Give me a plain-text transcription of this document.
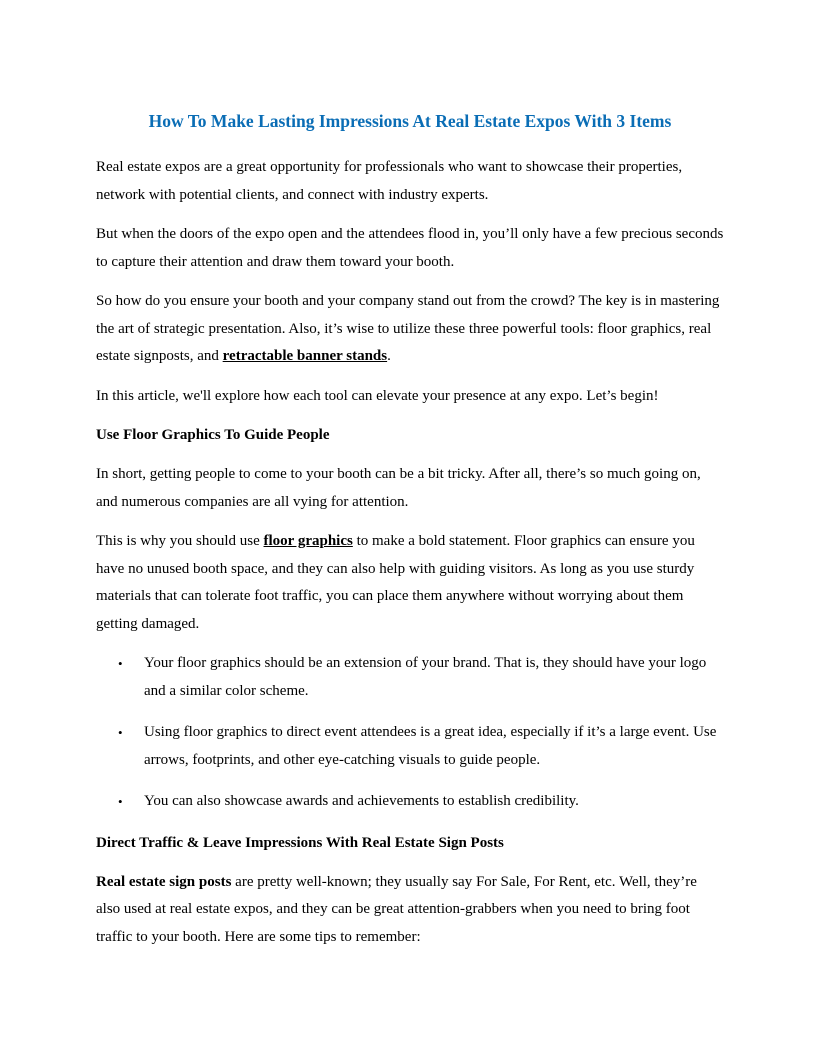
How To Make Lasting Impressions At Real Estate Expos With 3 Items

Real estate expos are a great opportunity for professionals who want to showcase their properties, network with potential clients, and connect with industry experts.

But when the doors of the expo open and the attendees flood in, you’ll only have a few precious seconds to capture their attention and draw them toward your booth.

So how do you ensure your booth and your company stand out from the crowd? The key is in mastering the art of strategic presentation. Also, it’s wise to utilize these three powerful tools: floor graphics, real estate signposts, and retractable banner stands.

In this article, we'll explore how each tool can elevate your presence at any expo. Let’s begin!

Use Floor Graphics To Guide People

In short, getting people to come to your booth can be a bit tricky. After all, there’s so much going on, and numerous companies are all vying for attention.

This is why you should use floor graphics to make a bold statement. Floor graphics can ensure you have no unused booth space, and they can also help with guiding visitors. As long as you use sturdy materials that can tolerate foot traffic, you can place them anywhere without worrying about them getting damaged.

• Your floor graphics should be an extension of your brand. That is, they should have your logo and a similar color scheme.
• Using floor graphics to direct event attendees is a great idea, especially if it’s a large event. Use arrows, footprints, and other eye-catching visuals to guide people.
• You can also showcase awards and achievements to establish credibility.
Direct Traffic & Leave Impressions With Real Estate Sign Posts

Real estate sign posts are pretty well-known; they usually say For Sale, For Rent, etc. Well, they’re also used at real estate expos, and they can be great attention-grabbers when you need to bring foot traffic to your booth. Here are some tips to remember:
